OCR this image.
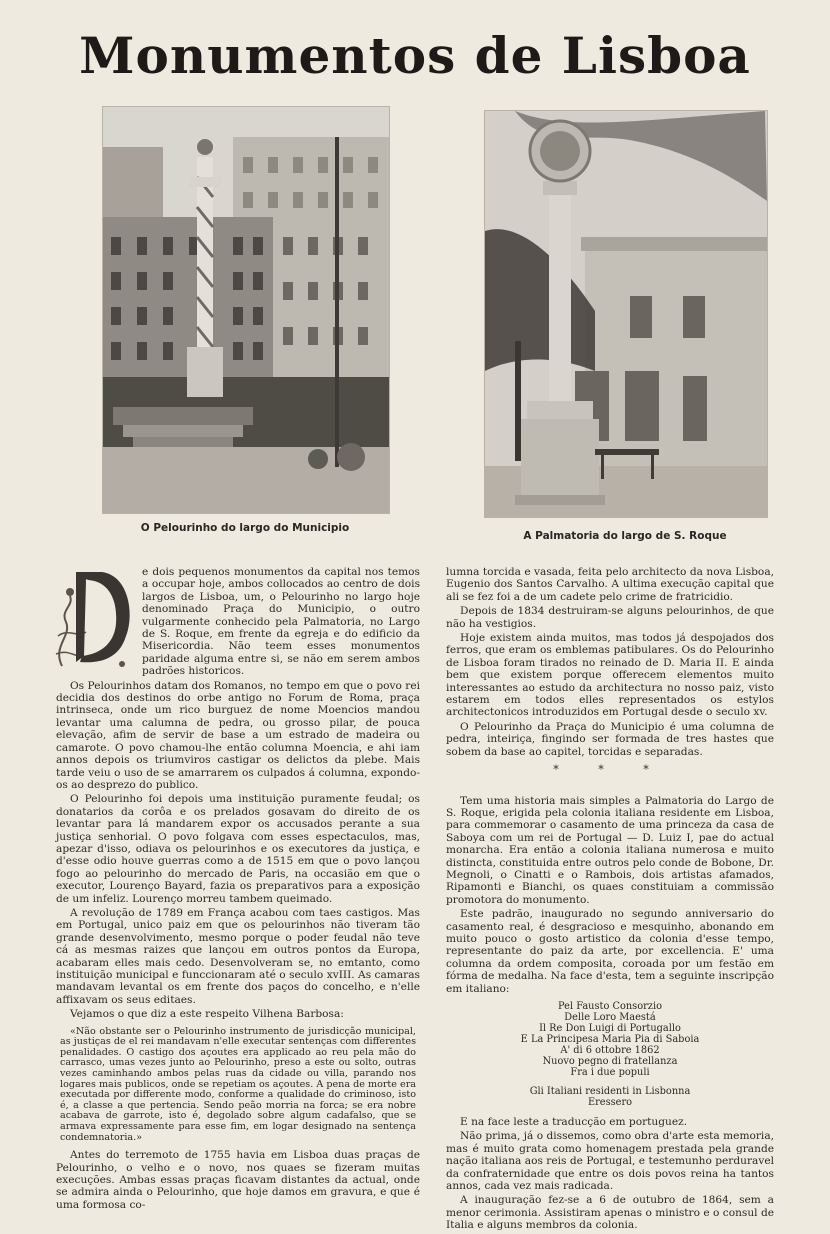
Monumentos de Lisboa
O Pelourinho do largo do Municipio
A Palmatoria do largo de S. Roque

e dois pequenos monumentos da capital nos temos a occupar hoje, ambos collocados ao centro de dois largos de Lisboa, um, o Pelourinho no largo hoje denominado Praça do Municipio, o outro vulgarmente conhecido pela Palmatoria, no Largo de S. Roque, em frente da egreja e do edificio da Misericordia. Não teem esses monumentos paridade alguma entre si, se não em serem ambos padrões historicos.

Os Pelourinhos datam dos Romanos, no tempo em que o povo rei decidia dos destinos do orbe antigo no Forum de Roma, praça intrinseca, onde um rico burguez de nome Moencios mandou levantar uma calumna de pedra, ou grosso pilar, de pouca elevação, afim de servir de base a um estrado de madeira ou camarote. O povo chamou-lhe então columna Moencia, e ahi iam annos depois os triumviros castigar os delictos da plebe. Mais tarde veiu o uso de se amarrarem os culpados á columna, expondo-os ao desprezo do publico.

O Pelourinho foi depois uma instituição puramente feudal; os donatarios da corôa e os prelados gosavam do direito de os levantar para lá mandarem expor os accusados perante a sua justiça senhorial. O povo folgava com esses espectaculos, mas, apezar d'isso, odiava os pelourinhos e os executores da justiça, e d'esse odio houve guerras como a de 1515 em que o povo lançou fogo ao pelourinho do mercado de Paris, na occasião em que o executor, Lourenço Bayard, fazia os preparativos para a exposição de um infeliz. Lourenço morreu tambem queimado.

A revolução de 1789 em França acabou com taes castigos. Mas em Portugal, unico paiz em que os pelourinhos não tiveram tão grande desenvolvimento, mesmo porque o poder feudal não teve cá as mesmas raizes que lançou em outros pontos da Europa, acabaram elles mais cedo. Desenvolveram se, no emtanto, como instituição municipal e funccionaram até o seculo xvIII. As camaras mandavam levantal os em frente dos paços do concelho, e n'elle affixavam os seus editaes.

Vejamos o que diz a este respeito Vilhena Barbosa:

«Não obstante ser o Pelourinho instrumento de jurisdicção municipal, as justiças de el rei mandavam n'elle executar sentenças com differentes penalidades. O castigo dos açoutes era applicado ao reu pela mão do carrasco, umas vezes junto ao Pelourinho, preso a este ou solto, outras vezes caminhando ambos pelas ruas da cidade ou villa, parando nos logares mais publicos, onde se repetiam os açoutes. A pena de morte era executada por differente modo, conforme a qualidade do criminoso, isto é, a classe a que pertencia. Sendo peão morria na forca; se era nobre acabava de garrote, isto é, degolado sobre algum cadafalso, que se armava expressamente para esse fim, em logar designado na sentença condemnatoria.»

Antes do terremoto de 1755 havia em Lisboa duas praças de Pelourinho, o velho e o novo, nos quaes se fizeram muitas execuções. Ambas essas praças ficavam distantes da actual, onde se admira ainda o Pelourinho, que hoje damos em gravura, e que é uma formosa co-

lumna torcida e vasada, feita pelo architecto da nova Lisboa, Eugenio dos Santos Carvalho. A ultima execução capital que ali se fez foi a de um cadete pelo crime de fratricidio.

Depois de 1834 destruiram-se alguns pelourinhos, de que não ha vestigios.

Hoje existem ainda muitos, mas todos já despojados dos ferros, que eram os emblemas patibulares. Os do Pelourinho de Lisboa foram tirados no reinado de D. Maria II. E ainda bem que existem porque offerecem elementos muito interessantes ao estudo da architectura no nosso paiz, visto estarem em todos elles representados os estylos architectonicos introduzidos em Portugal desde o seculo xv.

O Pelourinho da Praça do Municipio é uma columna de pedra, inteiriça, fingindo ser formada de tres hastes que sobem da base ao capitel, torcidas e separadas.

* * *

Tem uma historia mais simples a Palmatoria do Largo de S. Roque, erigida pela colonia italiana residente em Lisboa, para commemorar o casamento de uma princeza da casa de Saboya com um rei de Portugal — D. Luiz I, pae do actual monarcha. Era então a colonia italiana numerosa e muito distincta, constituida entre outros pelo conde de Bobone, Dr. Megnoli, o Cinatti e o Rambois, dois artistas afamados, Ripamonti e Bianchi, os quaes constituiam a commissão promotora do monumento.

Este padrão, inaugurado no segundo anniversario do casamento real, é desgracioso e mesquinho, abonando em muito pouco o gosto artistico da colonia d'esse tempo, representante do paiz da arte, por excellencia. E' uma columna da ordem composita, coroada por um festão em fórma de medalha. Na face d'esta, tem a seguinte inscripção em italiano:

Pel Fausto Consorzio
Delle Loro Maestá
Il Re Don Luigi di Portugallo
E La Principesa Maria Pia di Saboia
A' di 6 ottobre 1862
Nuovo pegno di fratellanza
Fra i due populi
Gli Italiani residenti in Lisbonna
Eressero

E na face leste a traducção em portuguez.

Não prima, já o dissemos, como obra d'arte esta memoria, mas é muito grata como homenagem prestada pela grande nação italiana aos reis de Portugal, e testemunho perduravel da confraternidade que entre os dois povos reina ha tantos annos, cada vez mais radicada.

A inauguração fez-se a 6 de outubro de 1864, sem a menor cerimonia. Assistiram apenas o ministro e o consul de Italia e alguns membros da colonia.
